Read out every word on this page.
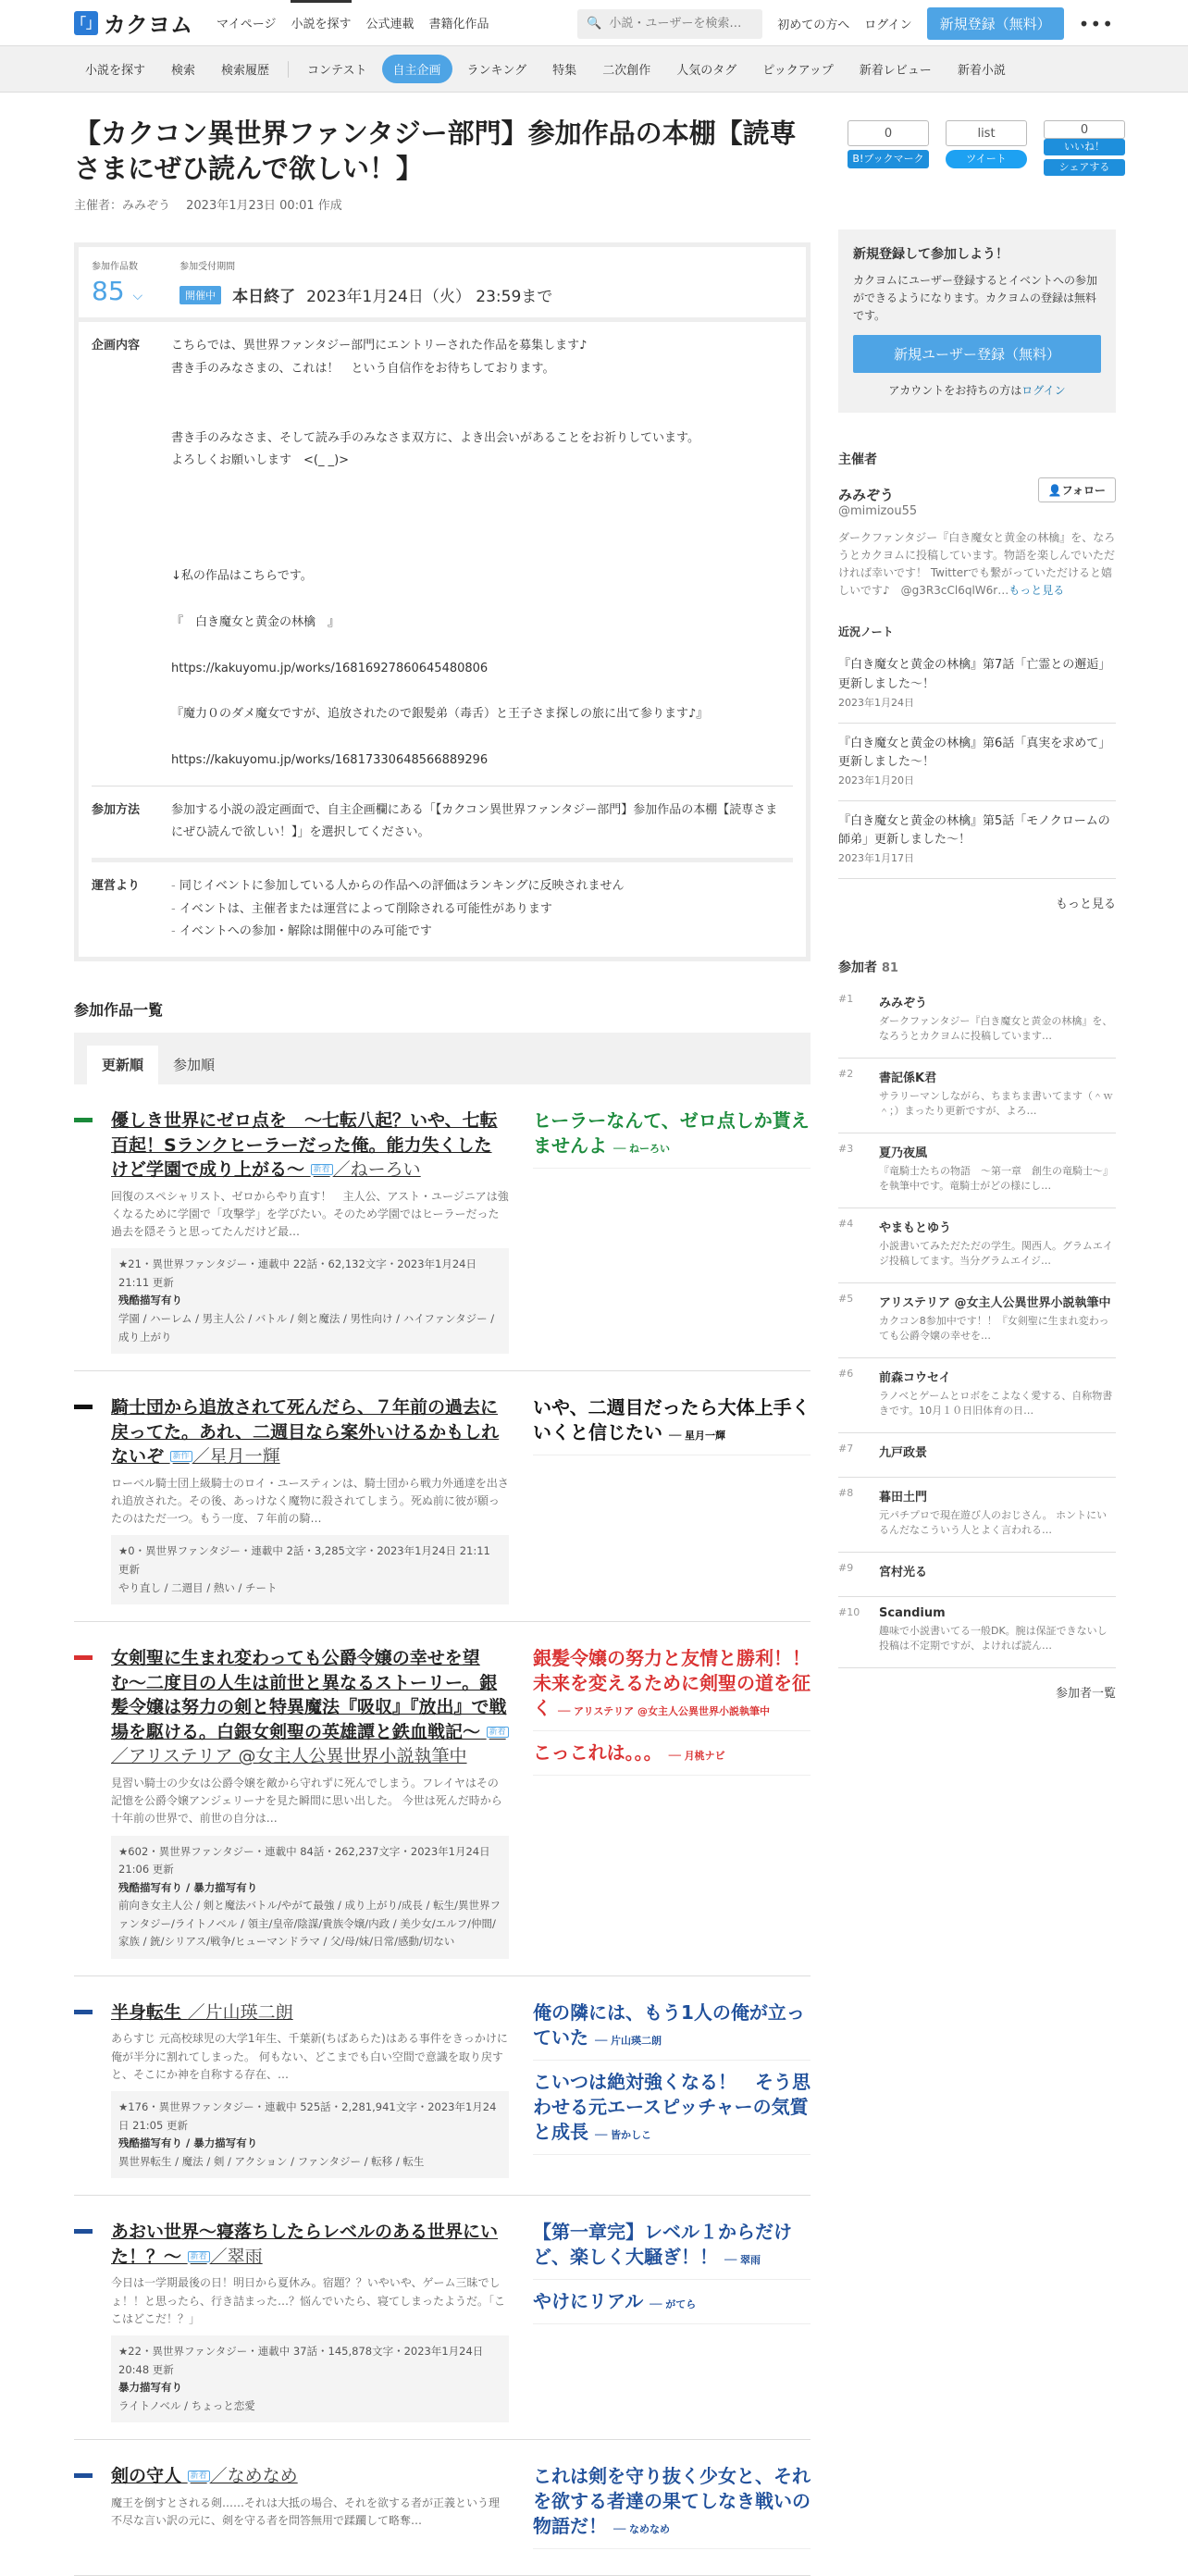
「」 カクヨム マイページ 小説を探す 公式連載 書籍化作品	🔍
小説・ユーザーを検索…	初めての方へ ログイン	新規登録（無料）	•••
小説を探す	検索	検索履歴	コンテスト	自主企画	ランキング	特集	二次創作	人気のタグ	ピックアップ	新着レビュー	新着小説
0
B!ブックマーク
list
ツイート
0
いいね！
シェアする
【カクコン異世界ファンタジー部門】参加作品の本棚【読専さまにぜひ読んで欲しい！】
主催者：みみぞう　 2023年1月23日 00:01 作成
参加作品数
85 ⌵
参加受付期間
開催中	本日終了 2023年1月24日（火） 23:59まで
企画内容	こちらでは、異世界ファンタジー部門にエントリーされた作品を募集します♪

書き手のみなさまの、これは！　という自信作をお待ちしております。

書き手のみなさま、そして読み手のみなさま双方に、よき出会いがあることをお祈りしています。

よろしくお願いします　<(_ _)>

↓私の作品はこちらです。

『　白き魔女と黄金の林檎　』

https://kakuyomu.jp/works/16816927860645480806

『魔力０のダメ魔女ですが、追放されたので銀髪弟（毒舌）と王子さま探しの旅に出て参ります♪』

https://kakuyomu.jp/works/16817330648566889296

参加方法	参加する小説の設定画面で、自主企画欄にある「【カクコン異世界ファンタジー部門】参加作品の本棚【読専さまにぜひ読んで欲しい！】」を選択してください。

運営より	- 同じイベントに参加している人からの作品への評価はランキングに反映されません
- イベントは、主催者または運営によって削除される可能性があります
- イベントへの参加・解除は開催中のみ可能です
参加作品一覧
更新順	参加順
優しき世界にゼロ点を　〜七転八起？いや、七転百起！Sランクヒーラーだった俺。能力失くしたけど学園で成り上がる〜 新着 ／ねーろい
回復のスペシャリスト、ゼロからやり直す！　主人公、アスト・ユージニアは強くなるために学園で「攻撃学」を学びたい。そのため学園ではヒーラーだった過去を隠そうと思ってたんだけど最…
★21・異世界ファンタジー・連載中 22話・62,132文字・2023年1月24日 21:11 更新
残酷描写有り
学園 / ハーレム / 男主人公 / バトル / 剣と魔法 / 男性向け / ハイファンタジー / 成り上がり
ヒーラーなんて、ゼロ点しか貰えませんよ ── ねーろい
騎士団から追放されて死んだら、７年前の過去に戻ってた。あれ、二週目なら案外いけるかもしれないぞ 新作 ／星月一輝
ローベル騎士団上級騎士のロイ・ユースティンは、騎士団から戦力外通達を出され追放された。その後、あっけなく魔物に殺されてしまう。死ぬ前に彼が願ったのはただ一つ。もう一度、７年前の騎…
★0・異世界ファンタジー・連載中 2話・3,285文字・2023年1月24日 21:11 更新
やり直し / 二週目 / 熱い / チート
いや、二週目だったら大体上手くいくと信じたい ── 星月一輝
女剣聖に生まれ変わっても公爵令嬢の幸せを望む〜二度目の人生は前世と異なるストーリー。銀髪令嬢は努力の剣と特異魔法『吸収』『放出』で戦場を駆ける。白銀女剣聖の英雄譚と鉄血戦記〜 新着／アリステリア @女主人公異世界小説執筆中
見習い騎士の少女は公爵令嬢を敵から守れずに死んでしまう。フレイヤはその記憶を公爵令嬢アンジェリーナを見た瞬間に思い出した。 今世は死んだ時から十年前の世界で、前世の自分は…
★602・異世界ファンタジー・連載中 84話・262,237文字・2023年1月24日 21:06 更新
残酷描写有り / 暴力描写有り
前向き女主人公 / 剣と魔法バトル/やがて最強 / 成り上がり/成長 / 転生/異世界ファンタジー/ライトノベル / 領主/皇帝/陰謀/貴族令嬢/内政 / 美少女/エルフ/仲間/家族 / 銃/シリアス/戦争/ヒューマンドラマ / 父/母/妹/日常/感動/切ない
銀髪令嬢の努力と友情と勝利！！ 未来を変えるために剣聖の道を征く ── アリステリア @女主人公異世界小説執筆中
こっこれは。。。 ── 月桃ナビ
半身転生 ／片山瑛二朗
あらすじ 元高校球児の大学1年生、千葉新(ちばあらた)はある事件をきっかけに俺が半分に割れてしまった。 何もない、どこまでも白い空間で意識を取り戻すと、そこにか神を自称する存在、…
★176・異世界ファンタジー・連載中 525話・2,281,941文字・2023年1月24日 21:05 更新
残酷描写有り / 暴力描写有り
異世界転生 / 魔法 / 剣 / アクション / ファンタジー / 転移 / 転生
俺の隣には、もう1人の俺が立っていた ── 片山瑛二朗
こいつは絶対強くなる！　そう思わせる元エースピッチャーの気質と成長 ── 皆かしこ
あおい世界～寝落ちしたらレベルのある世界にいた！？～ 新着 ／翠雨
今日は一学期最後の日！明日から夏休み。宿題？？いやいや、ゲーム三昧でしょ！！と思ったら、行き詰まった…？悩んでいたら、寝てしまったようだ。「ここはどこだ！？」
★22・異世界ファンタジー・連載中 37話・145,878文字・2023年1月24日 20:48 更新
暴力描写有り
ライトノベル / ちょっと恋愛
【第一章完】レベル１からだけど、楽しく大騒ぎ！！ ── 翠雨
やけにリアル ── がてら
剣の守人 新着 ／なめなめ
魔王を倒すとされる剣……それは大抵の場合、それを欲する者が正義という理不尽な言い訳の元に、剣を守る者を問答無用で蹂躙して略奪…
これは剣を守り抜く少女と、それを欲する者達の果てしなき戦いの物語だ！ ── なめなめ
新規登録して参加しよう！
カクヨムにユーザー登録するとイベントへの参加ができるようになります。カクヨムの登録は無料です。
新規ユーザー登録（無料）
アカウントをお持ちの方はログイン
主催者
みみぞう	👤フォロー
@mimizou55
ダークファンタジー『白き魔女と黄金の林檎』を、なろうとカクヨムに投稿しています。物語を楽しんでいただければ幸いです！ Twitterでも繋がっていただけると嬉しいです♪　@g3R3cCl6qlW6r…もっと見る
近況ノート
『白き魔女と黄金の林檎』第7話「亡霊との邂逅」更新しました〜！
2023年1月24日
『白き魔女と黄金の林檎』第6話「真実を求めて」更新しました〜！
2023年1月20日
『白き魔女と黄金の林檎』第5話「モノクロームの師弟」更新しました〜！
2023年1月17日
もっと見る
参加者 81
#1	みみぞう
ダークファンタジー『白き魔女と黄金の林檎』を、なろうとカクヨムに投稿しています…
#2	書記係K君
サラリーマンしながら、ちまちま書いてます（＾ｗ＾；）まったり更新ですが、よろ…
#3	夏乃夜風
『竜騎士たちの物語　〜第一章　創生の竜騎士〜』を執筆中です。竜騎士がどの様にし…
#4	やまもとゆう
小説書いてみただただの学生。関西人。グラムエイジ投稿してます。当分グラムエイジ…
#5	アリステリア @女主人公異世界小説執筆中
カクコン8参加中です！！『女剣聖に生まれ変わっても公爵令嬢の幸せを…
#6	前森コウセイ
ラノベとゲームとロボをこよなく愛する、自称物書きです。10月１０日旧体育の日…
#7	九戸政景
#8	暮田土門
元パチプロで現在遊び人のおじさん。 ホントにいるんだなこういう人とよく言われる…
#9	宮村光る
#10	Scandium
趣味で小説書いてる一般DK。腕は保証できないし投稿は不定期ですが、よければ読ん…
参加者一覧
